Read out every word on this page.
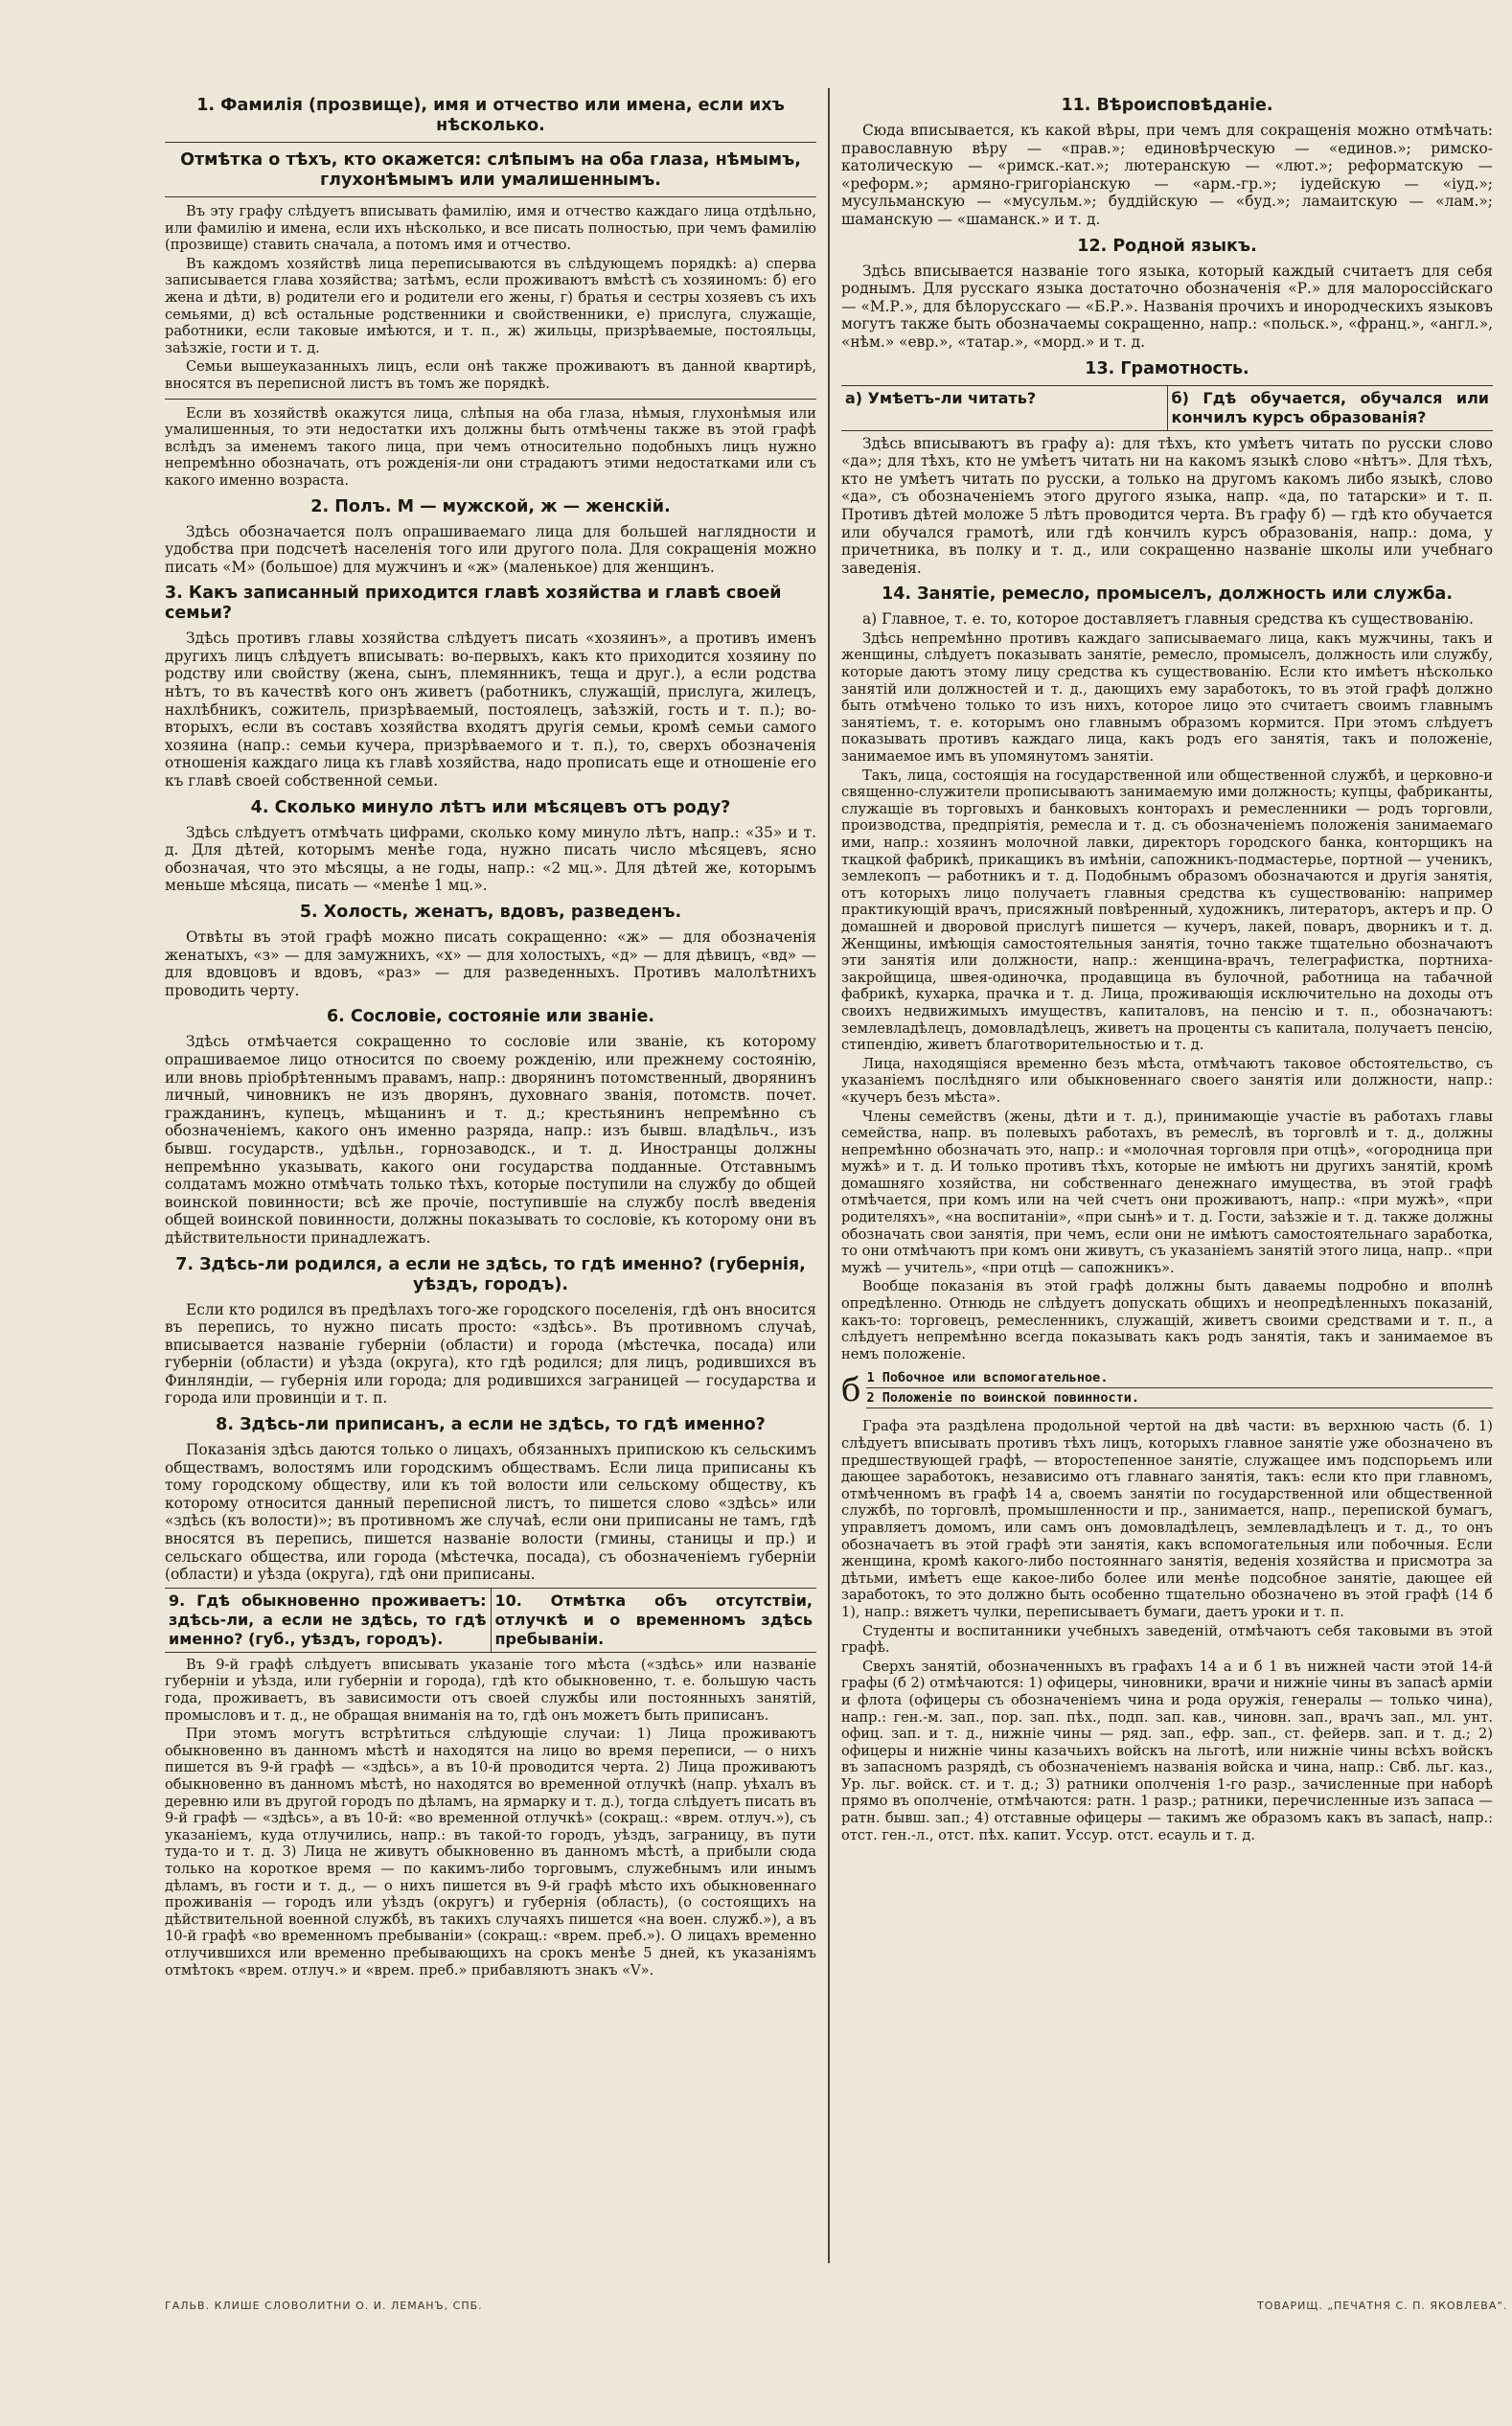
1. Фамилія (прозвище), имя и отчество или имена, если ихъ нѣсколько.
Отмѣтка о тѣхъ, кто окажется: слѣпымъ на оба глаза, нѣмымъ, глухонѣмымъ или умалишеннымъ.

Въ эту графу слѣдуетъ вписывать фамилію, имя и отчество каждаго лица отдѣльно, или фамилію и имена, если ихъ нѣсколько, и все писать полностью, при чемъ фамилію (прозвище) ставить сначала, а потомъ имя и отчество.

Въ каждомъ хозяйствѣ лица переписываются въ слѣдующемъ порядкѣ: а) сперва записывается глава хозяйства; затѣмъ, если проживаютъ вмѣстѣ съ хозяиномъ: б) его жена и дѣти, в) родители его и родители его жены, г) братья и сестры хозяевъ съ ихъ семьями, д) всѣ остальные родственники и свойственники, е) прислуга, служащіе, работники, если таковые имѣются, и т. п., ж) жильцы, призрѣваемые, постояльцы, заѣзжіе, гости и т. д.

Семьи вышеуказанныхъ лицъ, если онѣ также проживаютъ въ данной квартирѣ, вносятся въ переписной листъ въ томъ же порядкѣ.

Если въ хозяйствѣ окажутся лица, слѣпыя на оба глаза, нѣмыя, глухонѣмыя или умалишенныя, то эти недостатки ихъ должны быть отмѣчены также въ этой графѣ вслѣдъ за именемъ такого лица, при чемъ относительно подобныхъ лицъ нужно непремѣнно обозначать, отъ рожденія-ли они страдаютъ этими недостатками или съ какого именно возраста.

2. Полъ. М — мужской, ж — женскій.

Здѣсь обозначается полъ опрашиваемаго лица для большей наглядности и удобства при подсчетѣ населенія того или другого пола. Для сокращенія можно писать «М» (большое) для мужчинъ и «ж» (маленькое) для женщинъ.

3. Какъ записанный приходится главѣ хозяйства и главѣ своей семьи?

Здѣсь противъ главы хозяйства слѣдуетъ писать «хозяинъ», а противъ именъ другихъ лицъ слѣдуетъ вписывать: во-первыхъ, какъ кто приходится хозяину по родству или свойству (жена, сынъ, племянникъ, теща и друг.), а если родства нѣтъ, то въ качествѣ кого онъ живетъ (работникъ, служащій, прислуга, жилецъ, нахлѣбникъ, сожитель, призрѣваемый, постоялецъ, заѣзжій, гость и т. п.); во-вторыхъ, если въ составъ хозяйства входятъ другія семьи, кромѣ семьи самого хозяина (напр.: семьи кучера, призрѣваемого и т. п.), то, сверхъ обозначенія отношенія каждаго лица къ главѣ хозяйства, надо прописать еще и отношеніе его къ главѣ своей собственной семьи.

4. Сколько минуло лѣтъ или мѣсяцевъ отъ роду?

Здѣсь слѣдуетъ отмѣчать цифрами, сколько кому минуло лѣтъ, напр.: «35» и т. д. Для дѣтей, которымъ менѣе года, нужно писать число мѣсяцевъ, ясно обозначая, что это мѣсяцы, а не годы, напр.: «2 мц.». Для дѣтей же, которымъ меньше мѣсяца, писать — «менѣе 1 мц.».

5. Холость, женатъ, вдовъ, разведенъ.

Отвѣты въ этой графѣ можно писать сокращенно: «ж» — для обозначенія женатыхъ, «з» — для замужнихъ, «х» — для холостыхъ, «д» — для дѣвицъ, «вд» — для вдовцовъ и вдовъ, «раз» — для разведенныхъ. Противъ малолѣтнихъ проводить черту.

6. Сословіе, состояніе или званіе.

Здѣсь отмѣчается сокращенно то сословіе или званіе, къ которому опрашиваемое лицо относится по своему рожденію, или прежнему состоянію, или вновь пріобрѣтеннымъ правамъ, напр.: дворянинъ потомственный, дворянинъ личный, чиновникъ не изъ дворянъ, духовнаго званія, потомств. почет. гражданинъ, купецъ, мѣщанинъ и т. д.; крестьянинъ непремѣнно съ обозначеніемъ, какого онъ именно разряда, напр.: изъ бывш. владѣльч., изъ бывш. государств., удѣльн., горнозаводск., и т. д. Иностранцы должны непремѣнно указывать, какого они государства подданные. Отставнымъ солдатамъ можно отмѣчать только тѣхъ, которые поступили на службу до общей воинской повинности; всѣ же прочіе, поступившіе на службу послѣ введенія общей воинской повинности, должны показывать то сословіе, къ которому они въ дѣйствительности принадлежатъ.

7. Здѣсь-ли родился, а если не здѣсь, то гдѣ именно? (губернія, уѣздъ, городъ).

Если кто родился въ предѣлахъ того-же городского поселенія, гдѣ онъ вносится въ перепись, то нужно писать просто: «здѣсь». Въ противномъ случаѣ, вписывается названіе губерніи (области) и города (мѣстечка, посада) или губерніи (области) и уѣзда (округа), кто гдѣ родился; для лицъ, родившихся въ Финляндіи, — губернія или города; для родившихся заграницей — государства и города или провинціи и т. п.

8. Здѣсь-ли приписанъ, а если не здѣсь, то гдѣ именно?

Показанія здѣсь даются только о лицахъ, обязанныхъ припискою къ сельскимъ обществамъ, волостямъ или городскимъ обществамъ. Если лица приписаны къ тому городскому обществу, или къ той волости или сельскому обществу, къ которому относится данный переписной листъ, то пишется слово «здѣсь» или «здѣсь (къ волости)»; въ противномъ же случаѣ, если они приписаны не тамъ, гдѣ вносятся въ перепись, пишется названіе волости (гмины, станицы и пр.) и сельскаго общества, или города (мѣстечка, посада), съ обозначеніемъ губерніи (области) и уѣзда (округа), гдѣ они приписаны.

9. Гдѣ обыкновенно проживаетъ: здѣсь-ли, а если не здѣсь, то гдѣ именно? (губ., уѣздъ, городъ).
10. Отмѣтка объ отсутствіи, отлучкѣ и о временномъ здѣсь пребываніи.

Въ 9-й графѣ слѣдуетъ вписывать указаніе того мѣста («здѣсь» или названіе губерніи и уѣзда, или губерніи и города), гдѣ кто обыкновенно, т. е. большую часть года, проживаетъ, въ зависимости отъ своей службы или постоянныхъ занятій, промысловъ и т. д., не обращая вниманія на то, гдѣ онъ можетъ быть приписанъ.

При этомъ могутъ встрѣтиться слѣдующіе случаи: 1) Лица проживаютъ обыкновенно въ данномъ мѣстѣ и находятся на лицо во время переписи, — о нихъ пишется въ 9-й графѣ — «здѣсь», а въ 10-й проводится черта. 2) Лица проживаютъ обыкновенно въ данномъ мѣстѣ, но находятся во временной отлучкѣ (напр. уѣхалъ въ деревню или въ другой городъ по дѣламъ, на ярмарку и т. д.), тогда слѣдуетъ писать въ 9-й графѣ — «здѣсь», а въ 10-й: «во временной отлучкѣ» (сокращ.: «врем. отлуч.»), съ указаніемъ, куда отлучились, напр.: въ такой-то городъ, уѣздъ, заграницу, въ пути туда-то и т. д. 3) Лица не живутъ обыкновенно въ данномъ мѣстѣ, а прибыли сюда только на короткое время — по какимъ-либо торговымъ, служебнымъ или инымъ дѣламъ, въ гости и т. д., — о нихъ пишется въ 9-й графѣ мѣсто ихъ обыкновеннаго проживанія — городъ или уѣздъ (округъ) и губернія (область), (о состоящихъ на дѣйствительной военной службѣ, въ такихъ случаяхъ пишется «на воен. служб.»), а въ 10-й графѣ «во временномъ пребываніи» (сокращ.: «врем. преб.»). О лицахъ временно отлучившихся или временно пребывающихъ на срокъ менѣе 5 дней, къ указаніямъ отмѣтокъ «врем. отлуч.» и «врем. преб.» прибавляютъ знакъ «V».

11. Вѣроисповѣданіе.

Сюда вписывается, къ какой вѣры, при чемъ для сокращенія можно отмѣчать: православную вѣру — «прав.»; единовѣрческую — «единов.»; римско-католическую — «римск.-кат.»; лютеранскую — «лют.»; реформатскую — «реформ.»; армяно-григоріанскую — «арм.-гр.»; іудейскую — «іуд.»; мусульманскую — «мусульм.»; буддійскую — «буд.»; ламаитскую — «лам.»; шаманскую — «шаманск.» и т. д.

12. Родной языкъ.

Здѣсь вписывается названіе того языка, который каждый считаетъ для себя роднымъ. Для русскаго языка достаточно обозначенія «Р.» для малороссійскаго — «М.Р.», для бѣлорусскаго — «Б.Р.». Названія прочихъ и инородческихъ языковъ могутъ также быть обозначаемы сокращенно, напр.: «польск.», «франц.», «англ.», «нѣм.» «евр.», «татар.», «морд.» и т. д.

13. Грамотность.
а) Умѣетъ-ли читать?	б) Гдѣ обучается, обучался или кончилъ курсъ образованія?

Здѣсь вписываютъ въ графу а): для тѣхъ, кто умѣетъ читать по русски слово «да»; для тѣхъ, кто не умѣетъ читать ни на какомъ языкѣ слово «нѣтъ». Для тѣхъ, кто не умѣетъ читать по русски, а только на другомъ какомъ либо языкѣ, слово «да», съ обозначеніемъ этого другого языка, напр. «да, по татарски» и т. п. Противъ дѣтей моложе 5 лѣтъ проводится черта. Въ графу б) — гдѣ кто обучается или обучался грамотѣ, или гдѣ кончилъ курсъ образованія, напр.: дома, у причетника, въ полку и т. д., или сокращенно названіе школы или учебнаго заведенія.

14. Занятіе, ремесло, промыселъ, должность или служба.

а) Главное, т. е. то, которое доставляетъ главныя средства къ существованію.

Здѣсь непремѣнно противъ каждаго записываемаго лица, какъ мужчины, такъ и женщины, слѣдуетъ показывать занятіе, ремесло, промыселъ, должность или службу, которые даютъ этому лицу средства къ существованію. Если кто имѣетъ нѣсколько занятій или должностей и т. д., дающихъ ему заработокъ, то въ этой графѣ должно быть отмѣчено только то изъ нихъ, которое лицо это считаетъ своимъ главнымъ занятіемъ, т. е. которымъ оно главнымъ образомъ кормится. При этомъ слѣдуетъ показывать противъ каждаго лица, какъ родъ его занятія, такъ и положеніе, занимаемое имъ въ упомянутомъ занятіи.

Такъ, лица, состоящія на государственной или общественной службѣ, и церковно-и священно-служители прописываютъ занимаемую ими должность; купцы, фабриканты, служащіе въ торговыхъ и банковыхъ конторахъ и ремесленники — родъ торговли, производства, предпріятія, ремесла и т. д. съ обозначеніемъ положенія занимаемаго ими, напр.: хозяинъ молочной лавки, директоръ городского банка, конторщикъ на ткацкой фабрикѣ, прикащикъ въ имѣніи, сапожникъ-подмастерье, портной — ученикъ, землекопъ — работникъ и т. д. Подобнымъ образомъ обозначаются и другія занятія, отъ которыхъ лицо получаетъ главныя средства къ существованію: например практикующій врачъ, присяжный повѣренный, художникъ, литераторъ, актеръ и пр. О домашней и дворовой прислугѣ пишется — кучеръ, лакей, поваръ, дворникъ и т. д. Женщины, имѣющія самостоятельныя занятія, точно также тщательно обозначаютъ эти занятія или должности, напр.: женщина-врачъ, телеграфистка, портниха-закройщица, швея-одиночка, продавщица въ булочной, работница на табачной фабрикѣ, кухарка, прачка и т. д. Лица, проживающія исключительно на доходы отъ своихъ недвижимыхъ имуществъ, капиталовъ, на пенсію и т. п., обозначаютъ: землевладѣлецъ, домовладѣлецъ, живетъ на проценты съ капитала, получаетъ пенсію, стипендію, живетъ благотворительностью и т. д.

Лица, находящіяся временно безъ мѣста, отмѣчаютъ таковое обстоятельство, съ указаніемъ послѣдняго или обыкновеннаго своего занятія или должности, напр.: «кучеръ безъ мѣста».

Члены семействъ (жены, дѣти и т. д.), принимающіе участіе въ работахъ главы семейства, напр. въ полевыхъ работахъ, въ ремеслѣ, въ торговлѣ и т. д., должны непремѣнно обозначать это, напр.: и «молочная торговля при отцѣ», «огородница при мужѣ» и т. д. И только противъ тѣхъ, которые не имѣютъ ни другихъ занятій, кромѣ домашняго хозяйства, ни собственнаго денежнаго имущества, въ этой графѣ отмѣчается, при комъ или на чей счетъ они проживаютъ, напр.: «при мужѣ», «при родителяхъ», «на воспитаніи», «при сынѣ» и т. д. Гости, заѣзжіе и т. д. также должны обозначать свои занятія, при чемъ, если они не имѣютъ самостоятельнаго заработка, то они отмѣчаютъ при комъ они живутъ, съ указаніемъ занятій этого лица, напр.. «при мужѣ — учитель», «при отцѣ — сапожникъ».

Вообще показанія въ этой графѣ должны быть даваемы подробно и вполнѣ опредѣленно. Отнюдь не слѣдуетъ допускать общихъ и неопредѣленныхъ показаній, какъ-то: торговецъ, ремесленникъ, служащій, живетъ своими средствами и т. п., а слѣдуетъ непремѣнно всегда показывать какъ родъ занятія, такъ и занимаемое въ немъ положеніе.

б 1 Побочное или вспомогательное.
2 Положеніе по воинской повинности.

Графа эта раздѣлена продольной чертой на двѣ части: въ верхнюю часть (б. 1) слѣдуетъ вписывать противъ тѣхъ лицъ, которыхъ главное занятіе уже обозначено въ предшествующей графѣ, — второстепенное занятіе, служащее имъ подспорьемъ или дающее заработокъ, независимо отъ главнаго занятія, такъ: если кто при главномъ, отмѣченномъ въ графѣ 14 а, своемъ занятіи по государственной или общественной службѣ, по торговлѣ, промышленности и пр., занимается, напр., перепиской бумагъ, управляетъ домомъ, или самъ онъ домовладѣлецъ, землевладѣлецъ и т. д., то онъ обозначаетъ въ этой графѣ эти занятія, какъ вспомогательныя или побочныя. Если женщина, кромѣ какого-либо постояннаго занятія, веденія хозяйства и присмотра за дѣтьми, имѣетъ еще какое-либо более или менѣе подсобное занятіе, дающее ей заработокъ, то это должно быть особенно тщательно обозначено въ этой графѣ (14 б 1), напр.: вяжетъ чулки, переписываетъ бумаги, даетъ уроки и т. п.

Студенты и воспитанники учебныхъ заведеній, отмѣчаютъ себя таковыми въ этой графѣ.

Сверхъ занятій, обозначенныхъ въ графахъ 14 а и б 1 въ нижней части этой 14-й графы (б 2) отмѣчаются: 1) офицеры, чиновники, врачи и нижніе чины въ запасѣ арміи и флота (офицеры съ обозначеніемъ чина и рода оружія, генералы — только чина), напр.: ген.-м. зап., пор. зап. пѣх., подп. зап. кав., чиновн. зап., врачъ зап., мл. унт. офиц. зап. и т. д., нижніе чины — ряд. зап., ефр. зап., ст. фейерв. зап. и т. д.; 2) офицеры и нижніе чины казачьихъ войскъ на льготѣ, или нижніе чины всѣхъ войскъ въ запасномъ разрядѣ, съ обозначеніемъ названія войска и чина, напр.: Свб. льг. каз., Ур. льг. войск. ст. и т. д.; 3) ратники ополченія 1-го разр., зачисленные при наборѣ прямо въ ополченіе, отмѣчаются: ратн. 1 разр.; ратники, перечисленные изъ запаса — ратн. бывш. зап.; 4) отставные офицеры — такимъ же образомъ какъ въ запасѣ, напр.: отст. ген.-л., отст. пѣх. капит. Уссур. отст. есауль и т. д.

ГАЛЬВ. КЛИШЕ СЛОВОЛИТНИ О. И. ЛЕМАНЪ, СПБ.	ТОВАРИЩ. „ПЕЧАТНЯ С. П. ЯКОВЛЕВА“.
